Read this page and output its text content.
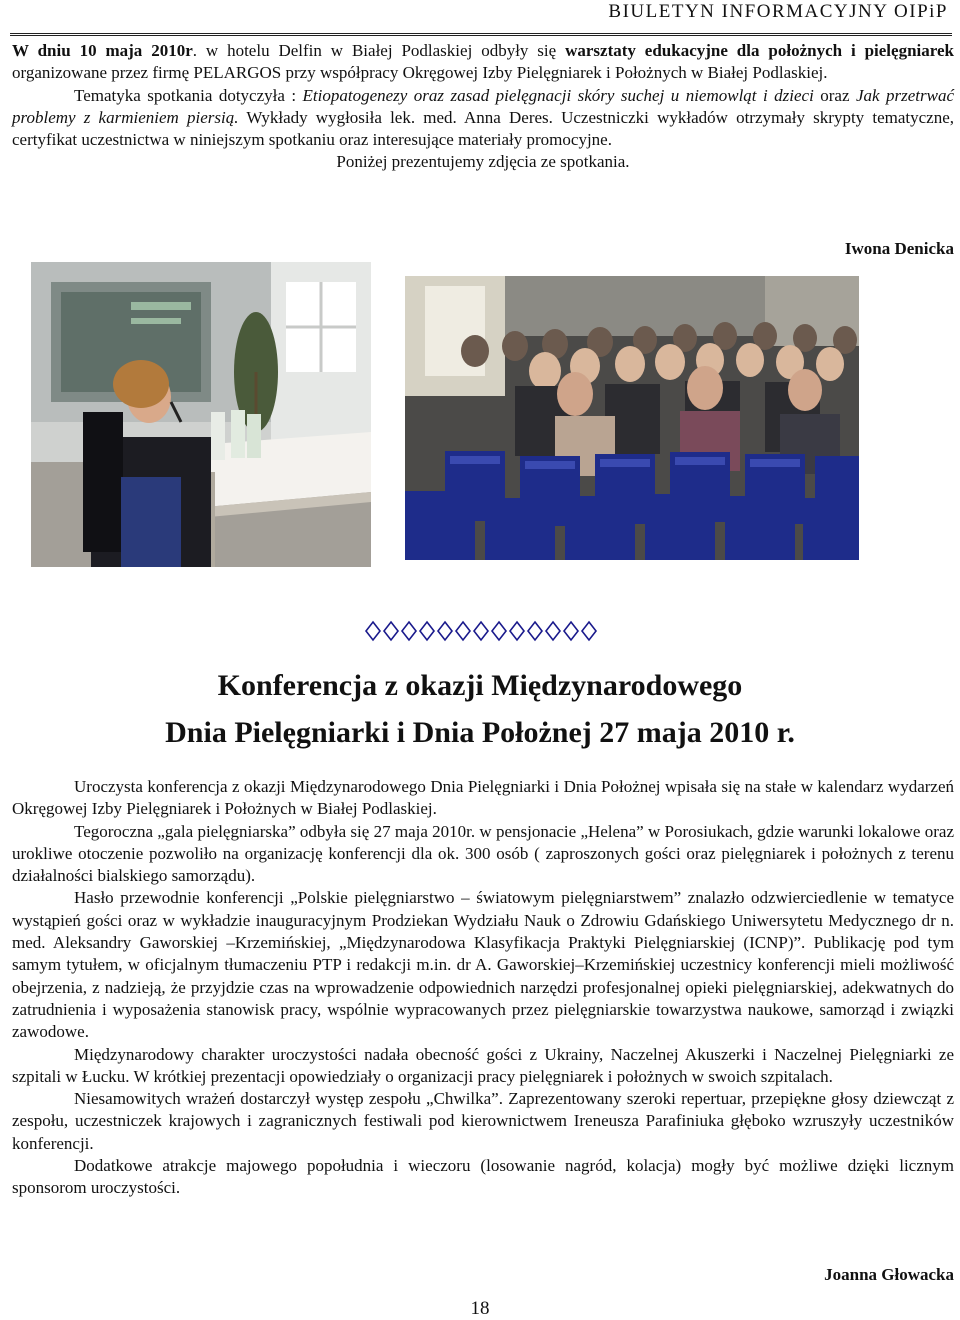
BIULETYN INFORMACYJNY OIPiP

W dniu 10 maja 2010r. w hotelu Delfin w Białej Podlaskiej odbyły się warsztaty edukacyjne dla położnych i pielęgniarek organizowane przez firmę PELARGOS przy współpracy Okręgowej Izby Pielęgniarek i Położnych w Białej Podlaskiej.

Tematyka spotkania dotyczyła : Etiopatogenezy oraz zasad pielęgnacji skóry suchej u niemowląt i dzieci oraz Jak przetrwać problemy z karmieniem piersią. Wykłady wygłosiła lek. med. Anna Deres. Uczestniczki wykładów otrzymały skrypty tematyczne, certyfikat uczestnictwa w niniejszym spotkaniu oraz interesujące materiały promocyjne.

Poniżej prezentujemy zdjęcia ze spotkania.

Iwona Denicka
Konferencja z okazji Międzynarodowego
Dnia Pielęgniarki i Dnia Położnej 27 maja 2010 r.

Uroczysta konferencja z okazji Międzynarodowego Dnia Pielęgniarki i Dnia Położnej wpisała się na stałe w kalendarz wydarzeń Okręgowej Izby Pielęgniarek i Położnych w Białej Podlaskiej.

Tegoroczna „gala pielęgniarska” odbyła się 27 maja 2010r. w pensjonacie „Helena” w Porosiukach, gdzie warunki lokalowe oraz urokliwe otoczenie pozwoliło na organizację konferencji dla ok. 300 osób ( zaproszonych gości oraz pielęgniarek i położnych z terenu działalności bialskiego samorządu).

Hasło przewodnie konferencji „Polskie pielęgniarstwo – światowym pielęgniarstwem” znalazło odzwierciedlenie w tematyce wystąpień gości oraz w wykładzie inauguracyjnym Prodziekan Wydziału Nauk o Zdrowiu Gdańskiego Uniwersytetu Medycznego dr n. med. Aleksandry Gaworskiej –Krzemińskiej, „Międzynarodowa Klasyfikacja Praktyki Pielęgniarskiej (ICNP)”. Publikację pod tym samym tytułem, w oficjalnym tłumaczeniu PTP i redakcji m.in. dr A. Gaworskiej–Krzemińskiej uczestnicy konferencji mieli możliwość obejrzenia, z nadzieją, że przyjdzie czas na wprowadzenie odpowiednich narzędzi profesjonalnej opieki pielęgniarskiej, adekwatnych do zatrudnienia i wyposażenia stanowisk pracy, wspólnie wypracowanych przez pielęgniarskie towarzystwa naukowe, samorząd i związki zawodowe.

Międzynarodowy charakter uroczystości nadała obecność gości z Ukrainy, Naczelnej Akuszerki i Naczelnej Pielęgniarki ze szpitali w Łucku. W krótkiej prezentacji opowiedziały o organizacji pracy pielęgniarek i położnych w swoich szpitalach.

Niesamowitych wrażeń dostarczył występ zespołu „Chwilka”. Zaprezentowany szeroki repertuar, przepiękne głosy dziewcząt z zespołu, uczestniczek krajowych i zagranicznych festiwali pod kierownictwem Ireneusza Parafiniuka głęboko wzruszyły uczestników konferencji.

Dodatkowe atrakcje majowego popołudnia i wieczoru (losowanie nagród, kolacja) mogły być możliwe dzięki licznym sponsorom uroczystości.

Joanna Głowacka
18
